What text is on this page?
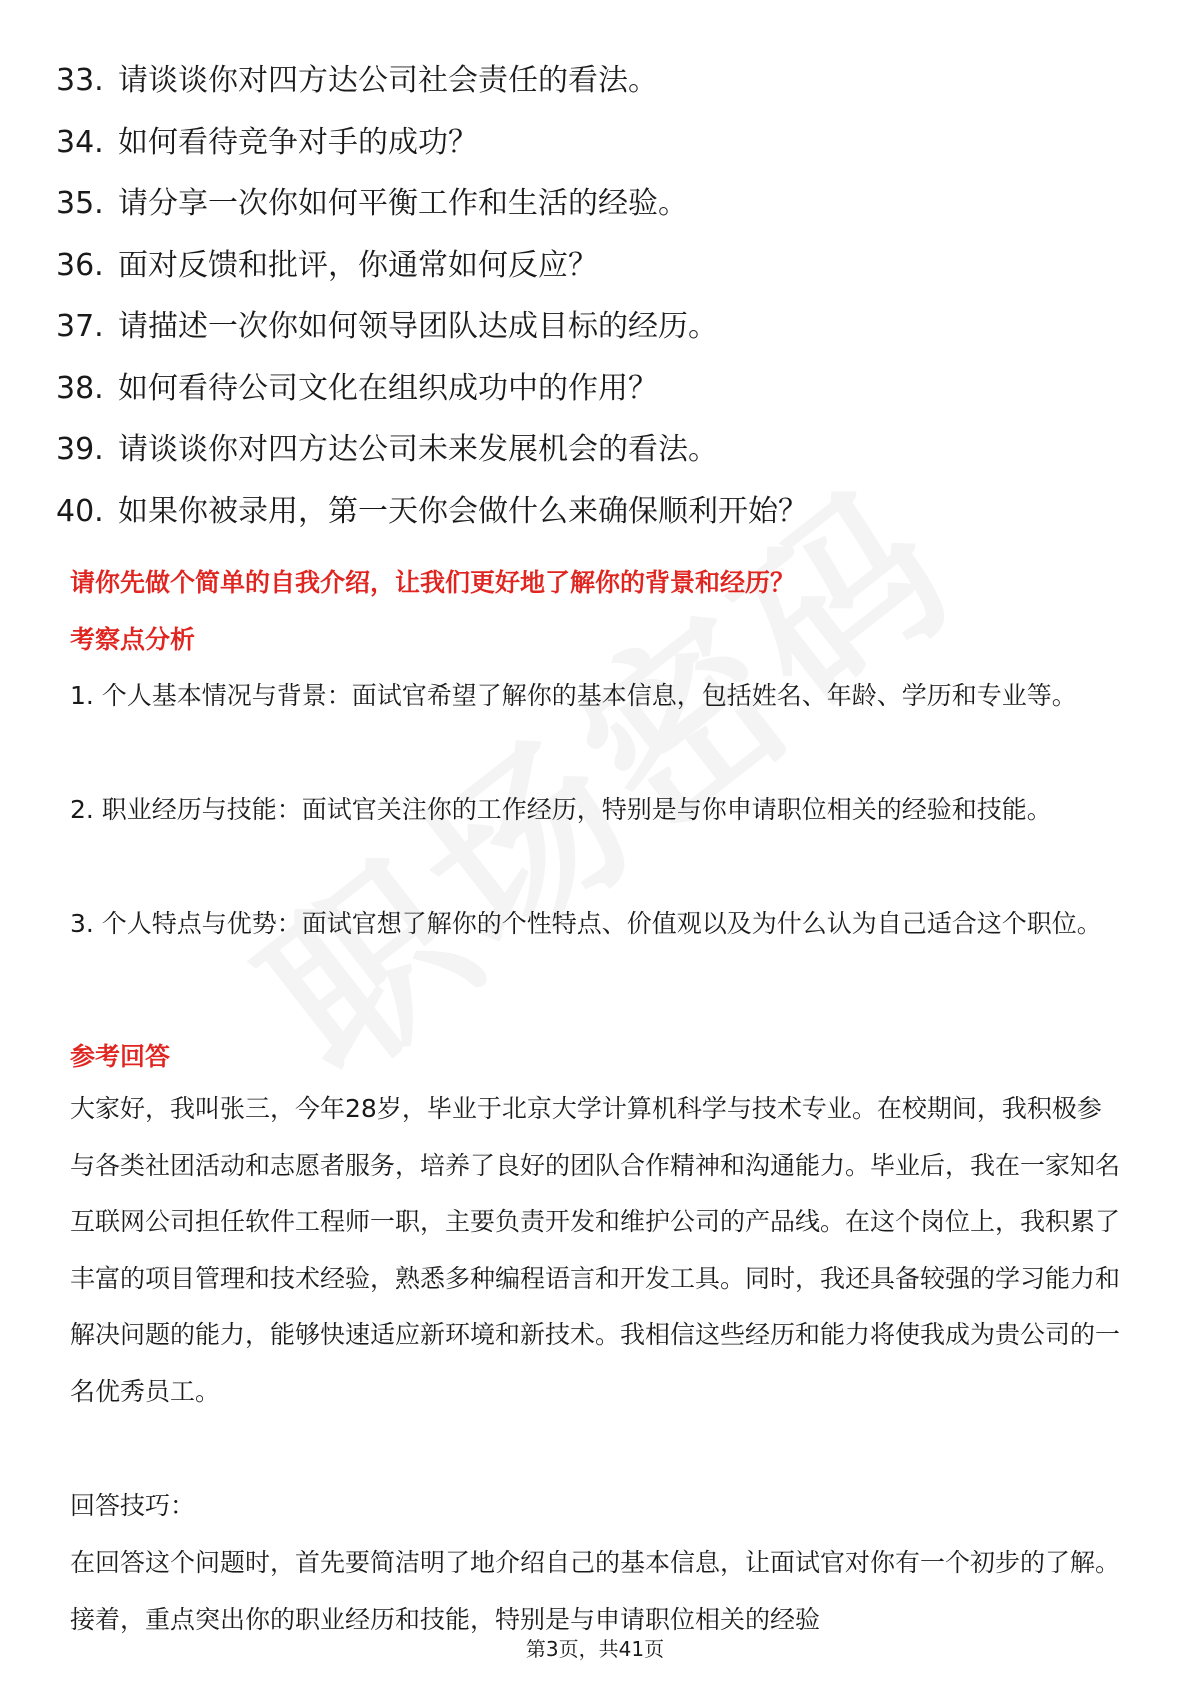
33. 请谈谈你对四方达公司社会责任的看法。
34. 如何看待竞争对手的成功？
35. 请分享一次你如何平衡工作和生活的经验。
36. 面对反馈和批评，你通常如何反应？
37. 请描述一次你如何领导团队达成目标的经历。
38. 如何看待公司文化在组织成功中的作用？
39. 请谈谈你对四方达公司未来发展机会的看法。
40. 如果你被录用，第一天你会做什么来确保顺利开始？
请你先做个简单的自我介绍，让我们更好地了解你的背景和经历？
考察点分析

1. 个人基本情况与背景：面试官希望了解你的基本信息，包括姓名、年龄、学历和专业等。

2. 职业经历与技能：面试官关注你的工作经历，特别是与你申请职位相关的经验和技能。

3. 个人特点与优势：面试官想了解你的个性特点、价值观以及为什么认为自己适合这个职位。

参考回答

大家好，我叫张三，今年28岁，毕业于北京大学计算机科学与技术专业。在校期间，我积极参与各类社团活动和志愿者服务，培养了良好的团队合作精神和沟通能力。毕业后，我在一家知名互联网公司担任软件工程师一职，主要负责开发和维护公司的产品线。在这个岗位上，我积累了丰富的项目管理和技术经验，熟悉多种编程语言和开发工具。同时，我还具备较强的学习能力和解决问题的能力，能够快速适应新环境和新技术。我相信这些经历和能力将使我成为贵公司的一名优秀员工。

回答技巧：

在回答这个问题时，首先要简洁明了地介绍自己的基本信息，让面试官对你有一个初步的了解。接着，重点突出你的职业经历和技能，特别是与申请职位相关的经验

第3页，共41页
